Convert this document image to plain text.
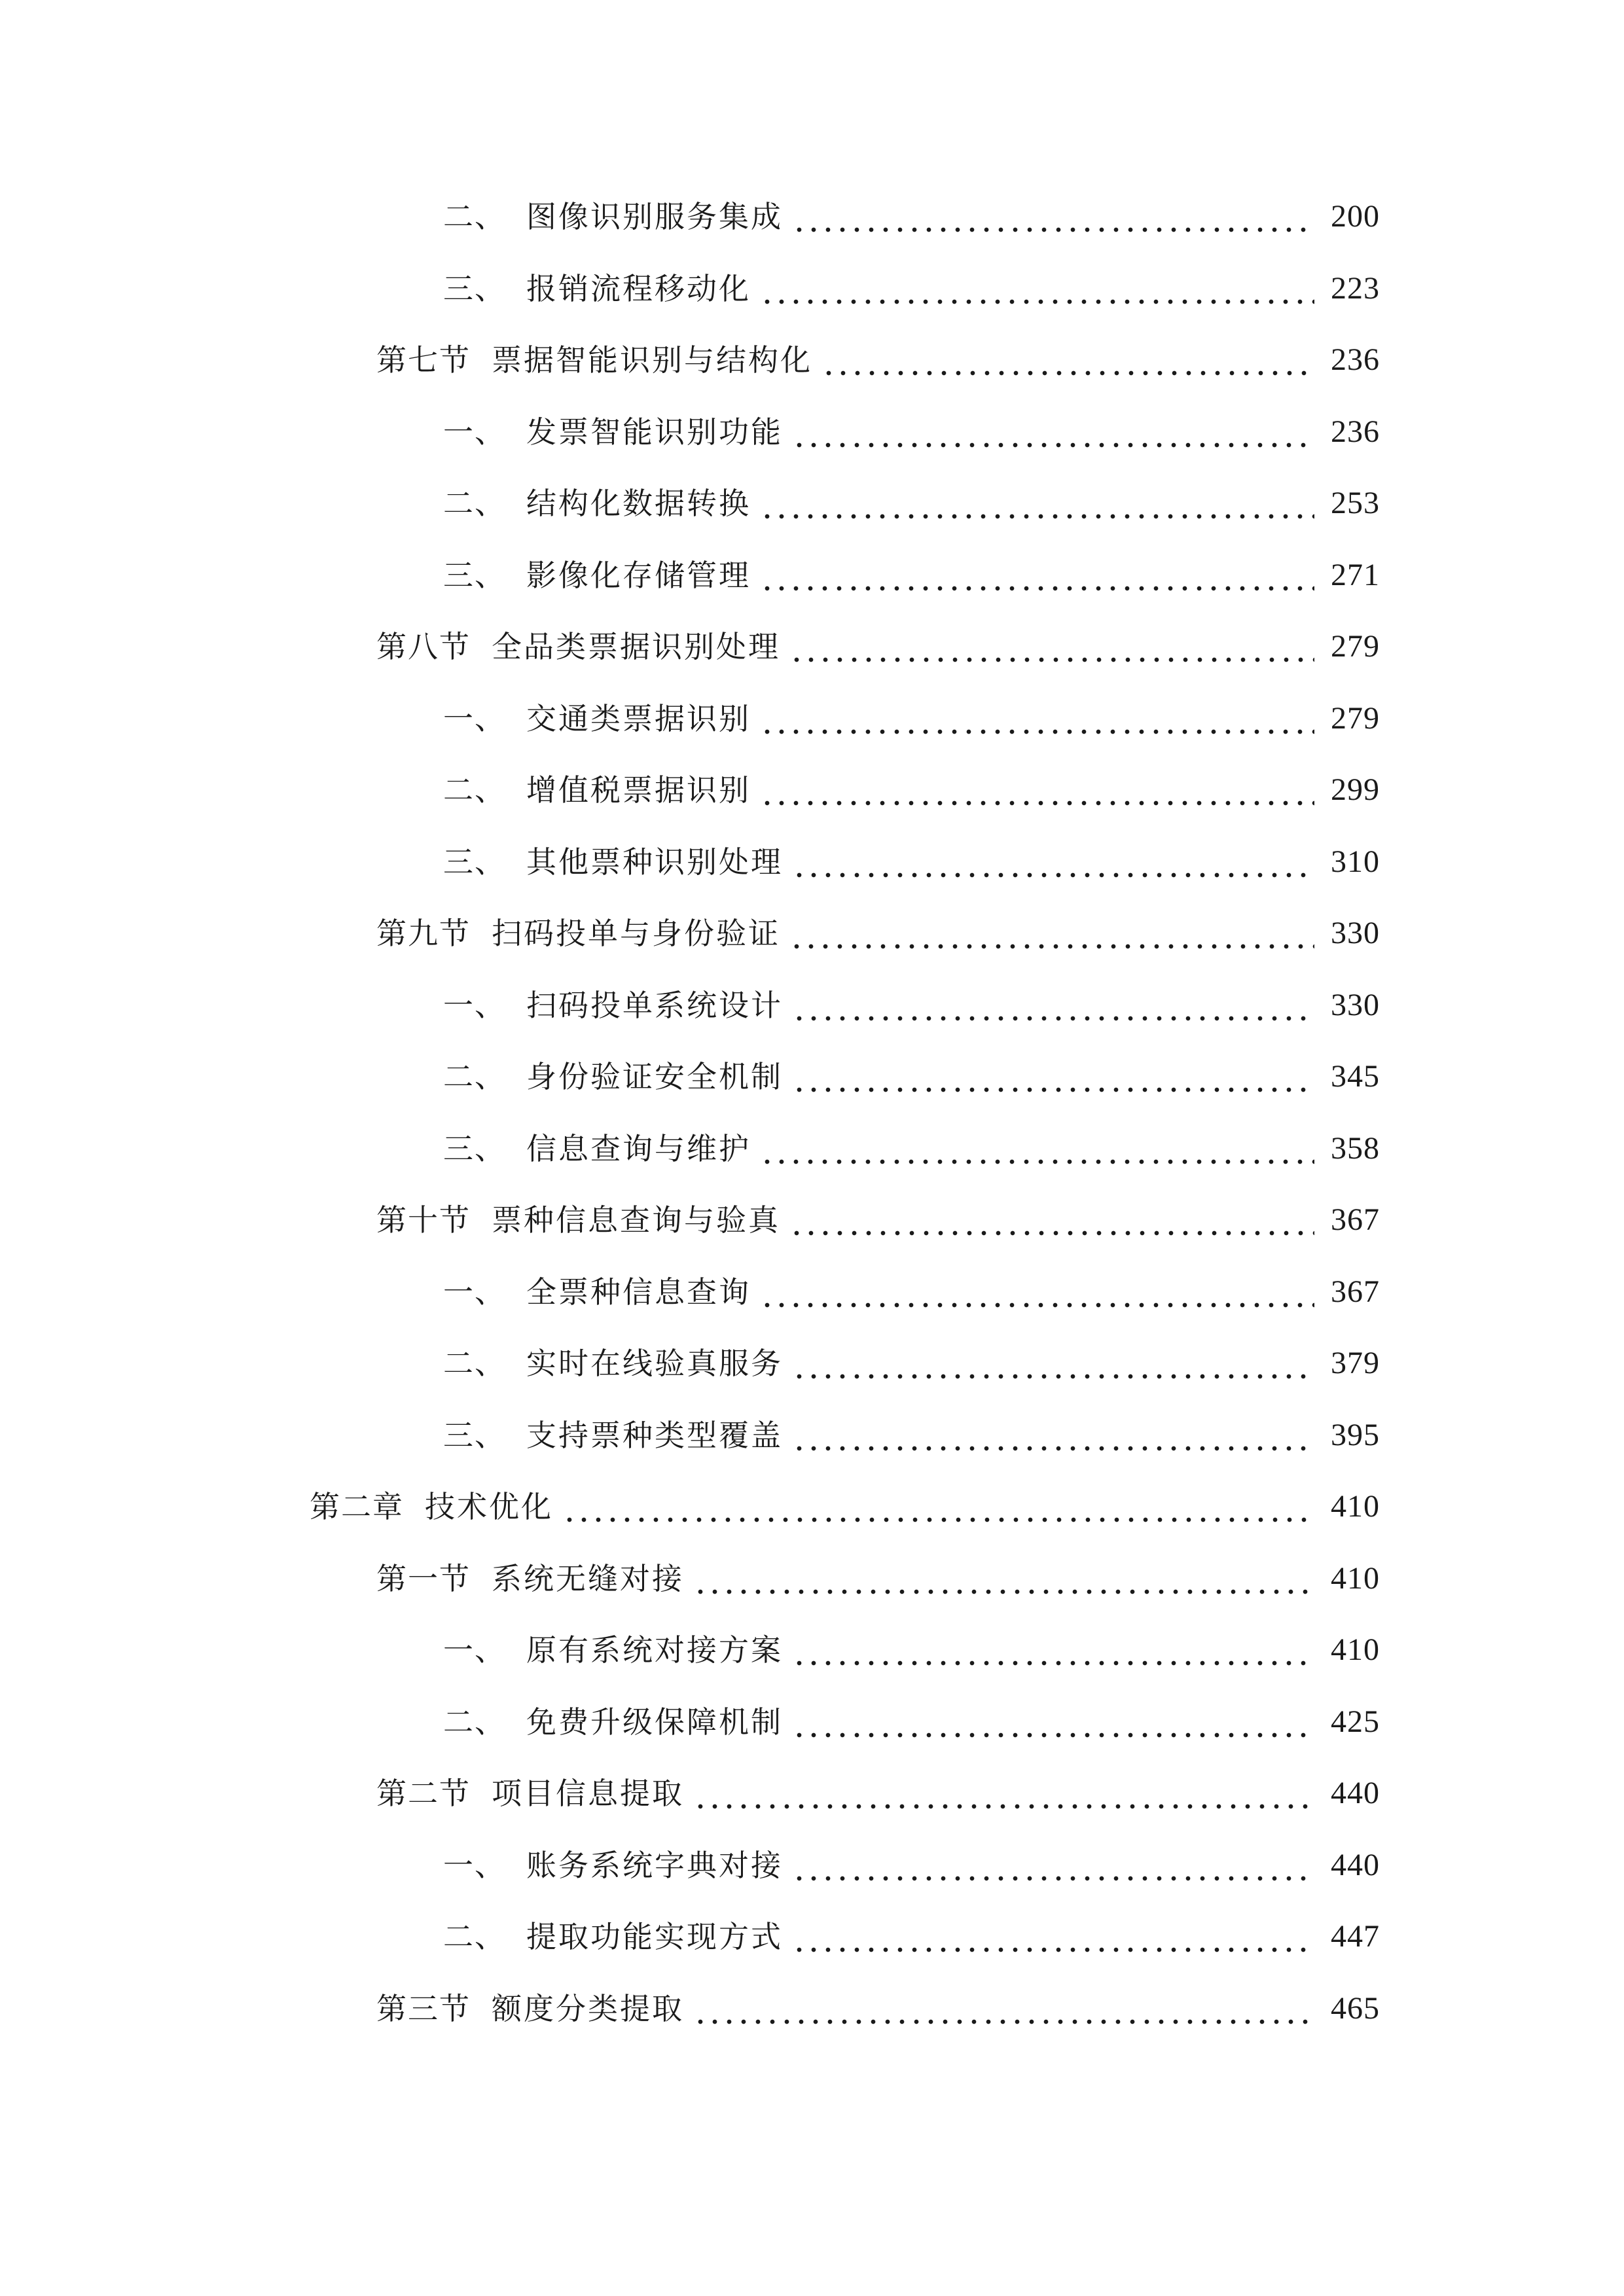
二、 图像识别服务集成	200
三、 报销流程移动化	223
第七节 票据智能识别与结构化	236
一、 发票智能识别功能	236
二、 结构化数据转换	253
三、 影像化存储管理	271
第八节 全品类票据识别处理	279
一、 交通类票据识别	279
二、 增值税票据识别	299
三、 其他票种识别处理	310
第九节 扫码投单与身份验证	330
一、 扫码投单系统设计	330
二、 身份验证安全机制	345
三、 信息查询与维护	358
第十节 票种信息查询与验真	367
一、 全票种信息查询	367
二、 实时在线验真服务	379
三、 支持票种类型覆盖	395
第二章 技术优化	410
第一节 系统无缝对接	410
一、 原有系统对接方案	410
二、 免费升级保障机制	425
第二节 项目信息提取	440
一、 账务系统字典对接	440
二、 提取功能实现方式	447
第三节 额度分类提取	465
